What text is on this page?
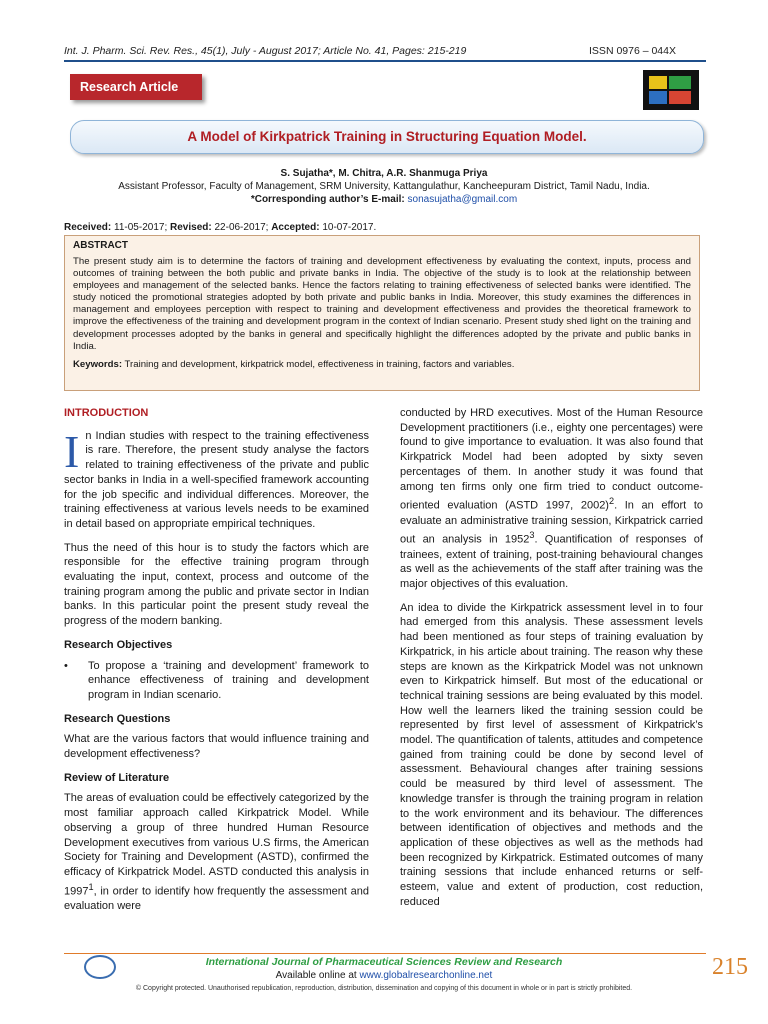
Int. J. Pharm. Sci. Rev. Res., 45(1), July - August 2017; Article No. 41, Pages: 215-219	ISSN 0976 – 044X
Research Article
A Model of Kirkpatrick Training in Structuring Equation Model.
S. Sujatha*, M. Chitra, A.R. Shanmuga Priya
Assistant Professor, Faculty of Management, SRM University, Kattangulathur, Kancheepuram District, Tamil Nadu, India.
*Corresponding author’s E-mail: sonasujatha@gmail.com
Received: 11-05-2017; Revised: 22-06-2017; Accepted: 10-07-2017.
ABSTRACT
The present study aim is to determine the factors of training and development effectiveness by evaluating the context, inputs, process and outcomes of training between the both public and private banks in India. The objective of the study is to look at the relationship between employees and management of the selected banks. Hence the factors relating to training effectiveness of selected banks were identified. The study noticed the promotional strategies adopted by both private and public banks in India. Moreover, this study examines the differences in management and employees perception with respect to training and development effectiveness and provides the theoretical framework to improve the effectiveness of the training and development program in the context of Indian scenario. Present study shed light on the training and development processes adopted by the banks in general and specifically highlight the differences adopted by the private and public banks in India.
Keywords: Training and development, kirkpatrick model, effectiveness in training, factors and variables.
INTRODUCTION

In Indian studies with respect to the training effectiveness is rare. Therefore, the present study analyse the factors related to training effectiveness of the private and public sector banks in India in a well-specified framework accounting for the job specific and individual differences. Moreover, the training effectiveness at various levels needs to be examined in detail based on appropriate empirical techniques.

Thus the need of this hour is to study the factors which are responsible for the effective training program through evaluating the input, context, process and outcome of the training program among the public and private sector in Indian banks. In this particular point the present study reveal the progress of the modern banking.

Research Objectives
•	To propose a ‘training and development’ framework to enhance effectiveness of training and development program in Indian scenario.
Research Questions

What are the various factors that would influence training and development effectiveness?

Review of Literature

The areas of evaluation could be effectively categorized by the most familiar approach called Kirkpatrick Model. While observing a group of three hundred Human Resource Development executives from various U.S firms, the American Society for Training and Development (ASTD), confirmed the efficacy of Kirkpatrick Model. ASTD conducted this analysis in 1997$^1$, in order to identify how frequently the assessment and evaluation were

conducted by HRD executives. Most of the Human Resource Development practitioners (i.e., eighty one percentages) were found to give importance to evaluation. It was also found that Kirkpatrick Model had been adopted by sixty seven percentages of them. In another study it was found that among ten firms only one firm tried to conduct outcome-oriented evaluation (ASTD 1997, 2002)$^2$. In an effort to evaluate an administrative training session, Kirkpatrick carried out an analysis in 1952$^3$. Quantification of responses of trainees, extent of training, post-training behavioural changes as well as the achievements of the staff after training was the major objectives of this evaluation.

An idea to divide the Kirkpatrick assessment level in to four had emerged from this analysis. These assessment levels had been mentioned as four steps of training evaluation by Kirkpatrick, in his article about training. The reason why these steps are known as the Kirkpatrick Model was not unknown even to Kirkpatrick himself. But most of the educational or technical training sessions are being evaluated by this model. How well the learners liked the training session could be represented by first level of assessment of Kirkpatrick’s model. The quantification of talents, attitudes and competence gained from training could be done by second level of assessment. Behavioural changes after training sessions could be measured by third level of assessment. The knowledge transfer is through the training program in relation to the work environment and its behaviour. The differences between identification of objectives and methods and the application of these objectives as well as the methods had been recognized by Kirkpatrick. Estimated outcomes of many training sessions that include enhanced returns or self-esteem, value and extent of production, cost reduction, reduced

International Journal of Pharmaceutical Sciences Review and Research
Available online at www.globalresearchonline.net
© Copyright protected. Unauthorised republication, reproduction, distribution, dissemination and copying of this document in whole or in part is strictly prohibited.
215
